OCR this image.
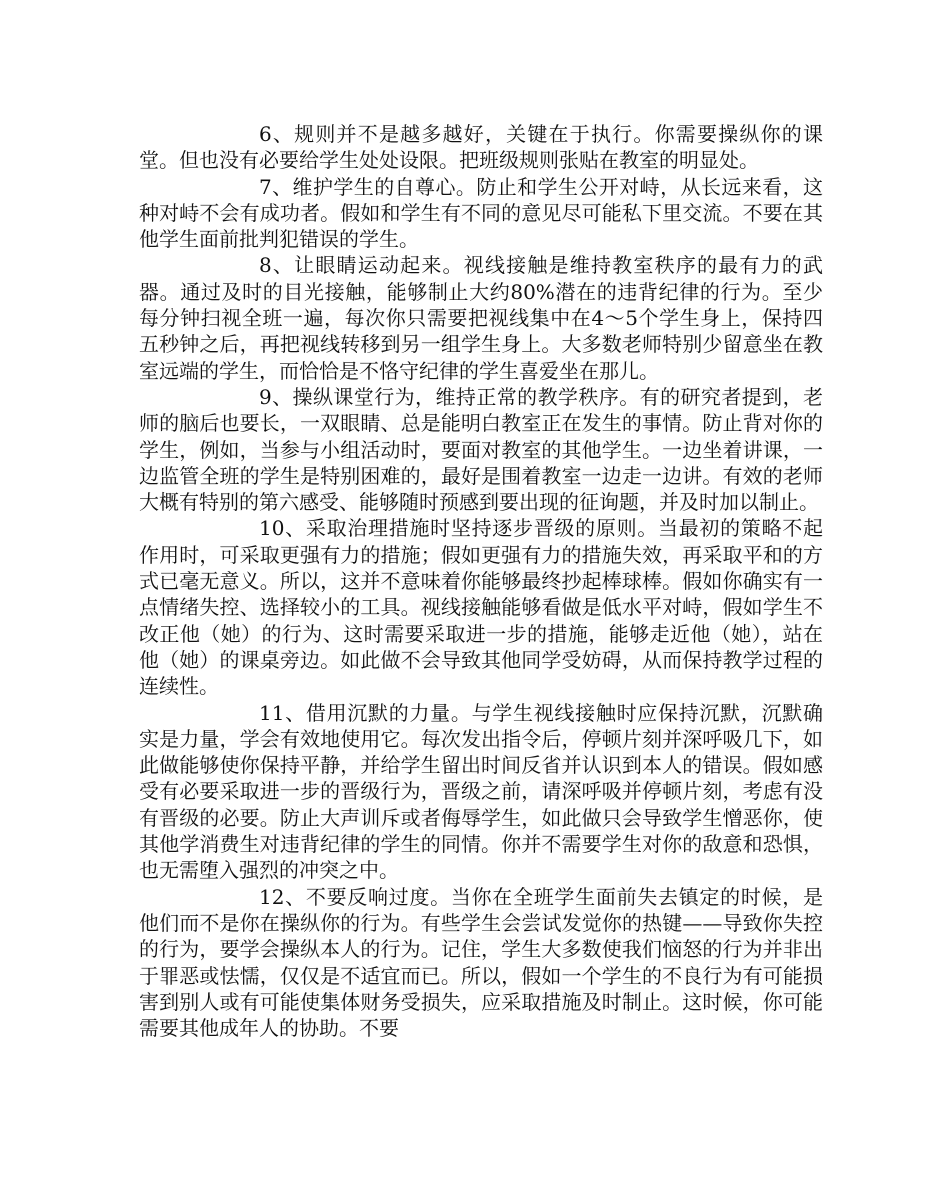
6、规则并不是越多越好，关键在于执行。你需要操纵你的课堂。但也没有必要给学生处处设限。把班级规则张贴在教室的明显处。

7、维护学生的自尊心。防止和学生公开对峙，从长远来看，这种对峙不会有成功者。假如和学生有不同的意见尽可能私下里交流。不要在其他学生面前批判犯错误的学生。

8、让眼睛运动起来。视线接触是维持教室秩序的最有力的武器。通过及时的目光接触，能够制止大约80%潜在的违背纪律的行为。至少每分钟扫视全班一遍，每次你只需要把视线集中在4～5个学生身上，保持四五秒钟之后，再把视线转移到另一组学生身上。大多数老师特别少留意坐在教室远端的学生，而恰恰是不恪守纪律的学生喜爱坐在那儿。

9、操纵课堂行为，维持正常的教学秩序。有的研究者提到，老师的脑后也要长，一双眼睛、总是能明白教室正在发生的事情。防止背对你的学生，例如，当参与小组活动时，要面对教室的其他学生。一边坐着讲课，一边监管全班的学生是特别困难的，最好是围着教室一边走一边讲。有效的老师大概有特别的第六感受、能够随时预感到要出现的征询题，并及时加以制止。

10、采取治理措施时坚持逐步晋级的原则。当最初的策略不起作用时，可采取更强有力的措施；假如更强有力的措施失效，再采取平和的方式已毫无意义。所以，这并不意味着你能够最终抄起棒球棒。假如你确实有一点情绪失控、选择较小的工具。视线接触能够看做是低水平对峙，假如学生不改正他（她）的行为、这时需要采取进一步的措施，能够走近他（她），站在他（她）的课桌旁边。如此做不会导致其他同学受妨碍，从而保持教学过程的连续性。

11、借用沉默的力量。与学生视线接触时应保持沉默，沉默确实是力量，学会有效地使用它。每次发出指令后，停顿片刻并深呼吸几下，如此做能够使你保持平静，并给学生留出时间反省并认识到本人的错误。假如感受有必要采取进一步的晋级行为，晋级之前，请深呼吸并停顿片刻，考虑有没有晋级的必要。防止大声训斥或者侮辱学生，如此做只会导致学生憎恶你，使其他学消费生对违背纪律的学生的同情。你并不需要学生对你的敌意和恐惧，也无需堕入强烈的冲突之中。

12、不要反响过度。当你在全班学生面前失去镇定的时候，是他们而不是你在操纵你的行为。有些学生会尝试发觉你的热键——导致你失控的行为，要学会操纵本人的行为。记住，学生大多数使我们恼怒的行为并非出于罪恶或怯懦，仅仅是不适宜而已。所以，假如一个学生的不良行为有可能损害到别人或有可能使集体财务受损失，应采取措施及时制止。这时候，你可能需要其他成年人的协助。不要
